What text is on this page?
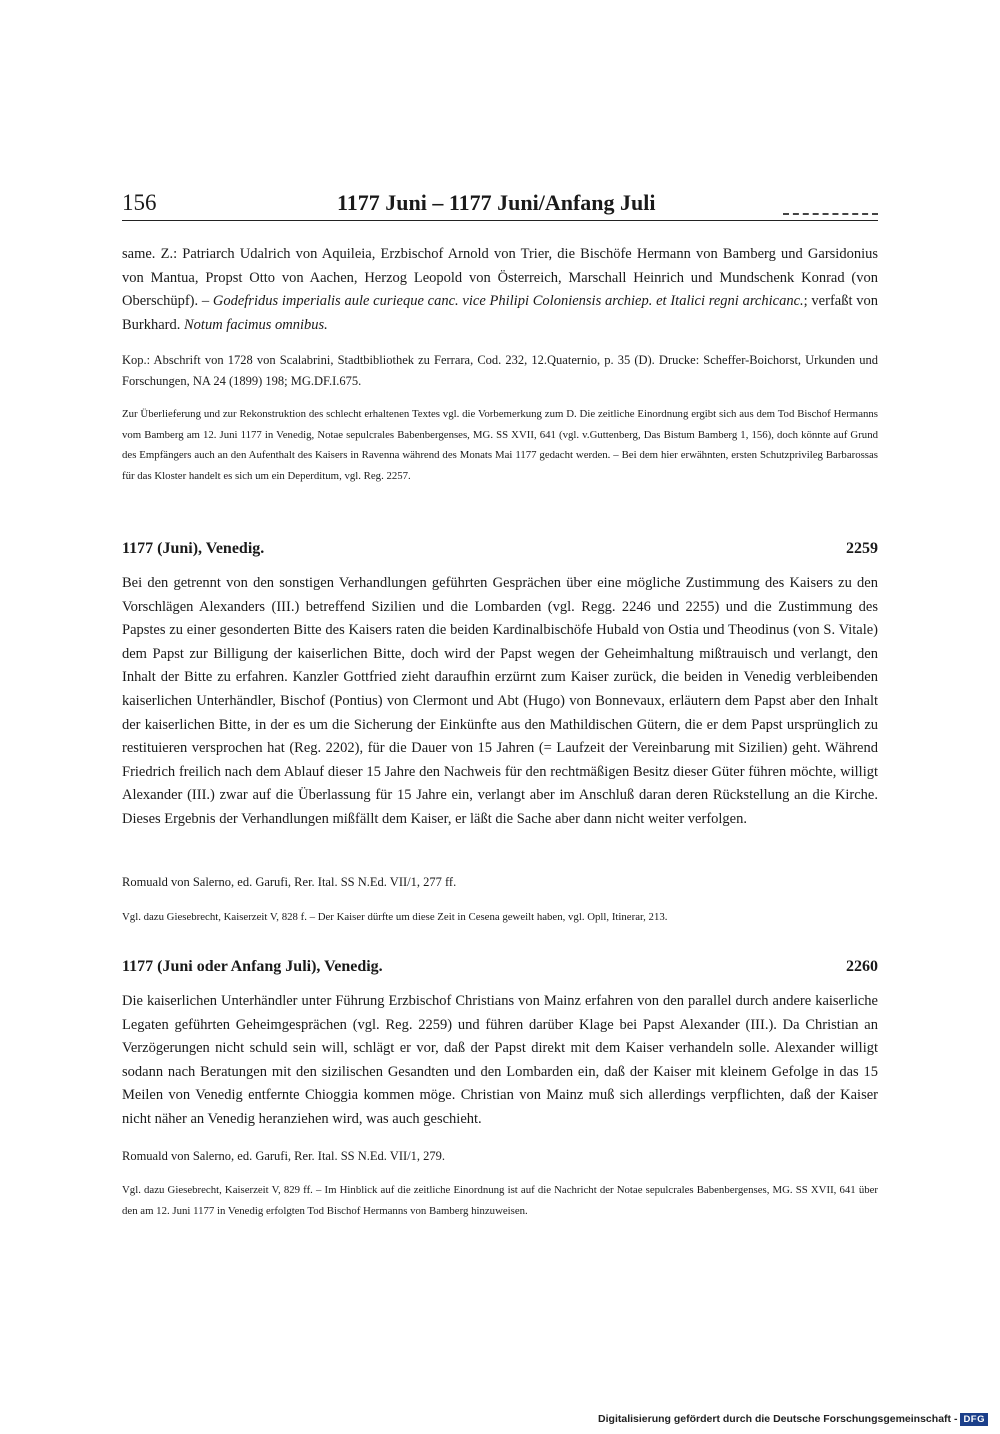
156	1177 Juni – 1177 Juni/Anfang Juli

same. Z.: Patriarch Udalrich von Aquileia, Erzbischof Arnold von Trier, die Bischöfe Hermann von Bamberg und Garsidonius von Mantua, Propst Otto von Aachen, Herzog Leopold von Österreich, Marschall Heinrich und Mundschenk Konrad (von Oberschüpf). – Godefridus imperialis aule curieque canc. vice Philipi Coloniensis archiep. et Italici regni archicanc.; verfaßt von Burkhard. Notum facimus omnibus.

Kop.: Abschrift von 1728 von Scalabrini, Stadtbibliothek zu Ferrara, Cod. 232, 12.Quaternio, p. 35 (D). Drucke: Scheffer-Boichorst, Urkunden und Forschungen, NA 24 (1899) 198; MG.DF.I.675.

Zur Überlieferung und zur Rekonstruktion des schlecht erhaltenen Textes vgl. die Vorbemerkung zum D. Die zeitliche Einordnung ergibt sich aus dem Tod Bischof Hermanns vom Bamberg am 12. Juni 1177 in Venedig, Notae sepulcrales Babenbergenses, MG. SS XVII, 641 (vgl. v.Guttenberg, Das Bistum Bamberg 1, 156), doch könnte auf Grund des Empfängers auch an den Aufenthalt des Kaisers in Ravenna während des Monats Mai 1177 gedacht werden. – Bei dem hier erwähnten, ersten Schutzprivileg Barbarossas für das Kloster handelt es sich um ein Deperditum, vgl. Reg. 2257.

1177 (Juni), Venedig.	2259

Bei den getrennt von den sonstigen Verhandlungen geführten Gesprächen über eine mögliche Zustimmung des Kaisers zu den Vorschlägen Alexanders (III.) betreffend Sizilien und die Lombarden (vgl. Regg. 2246 und 2255) und die Zustimmung des Papstes zu einer gesonderten Bitte des Kaisers raten die beiden Kardinalbischöfe Hubald von Ostia und Theodinus (von S. Vitale) dem Papst zur Billigung der kaiserlichen Bitte, doch wird der Papst wegen der Geheimhaltung mißtrauisch und verlangt, den Inhalt der Bitte zu erfahren. Kanzler Gottfried zieht daraufhin erzürnt zum Kaiser zurück, die beiden in Venedig verbleibenden kaiserlichen Unterhändler, Bischof (Pontius) von Clermont und Abt (Hugo) von Bonnevaux, erläutern dem Papst aber den Inhalt der kaiserlichen Bitte, in der es um die Sicherung der Einkünfte aus den Mathildischen Gütern, die er dem Papst ursprünglich zu restituieren versprochen hat (Reg. 2202), für die Dauer von 15 Jahren (= Laufzeit der Vereinbarung mit Sizilien) geht. Während Friedrich freilich nach dem Ablauf dieser 15 Jahre den Nachweis für den rechtmäßigen Besitz dieser Güter führen möchte, willigt Alexander (III.) zwar auf die Überlassung für 15 Jahre ein, verlangt aber im Anschluß daran deren Rückstellung an die Kirche. Dieses Ergebnis der Verhandlungen mißfällt dem Kaiser, er läßt die Sache aber dann nicht weiter verfolgen.

Romuald von Salerno, ed. Garufi, Rer. Ital. SS N.Ed. VII/1, 277 ff.

Vgl. dazu Giesebrecht, Kaiserzeit V, 828 f. – Der Kaiser dürfte um diese Zeit in Cesena geweilt haben, vgl. Opll, Itinerar, 213.

1177 (Juni oder Anfang Juli), Venedig.	2260

Die kaiserlichen Unterhändler unter Führung Erzbischof Christians von Mainz erfahren von den parallel durch andere kaiserliche Legaten geführten Geheimgesprächen (vgl. Reg. 2259) und führen darüber Klage bei Papst Alexander (III.). Da Christian an Verzögerungen nicht schuld sein will, schlägt er vor, daß der Papst direkt mit dem Kaiser verhandeln solle. Alexander willigt sodann nach Beratungen mit den sizilischen Gesandten und den Lombarden ein, daß der Kaiser mit kleinem Gefolge in das 15 Meilen von Venedig entfernte Chioggia kommen möge. Christian von Mainz muß sich allerdings verpflichten, daß der Kaiser nicht näher an Venedig heranziehen wird, was auch geschieht.

Romuald von Salerno, ed. Garufi, Rer. Ital. SS N.Ed. VII/1, 279.

Vgl. dazu Giesebrecht, Kaiserzeit V, 829 ff. – Im Hinblick auf die zeitliche Einordnung ist auf die Nachricht der Notae sepulcrales Babenbergenses, MG. SS XVII, 641 über den am 12. Juni 1177 in Venedig erfolgten Tod Bischof Hermanns von Bamberg hinzuweisen.

Digitalisierung gefördert durch die Deutsche Forschungsgemeinschaft - DFG
